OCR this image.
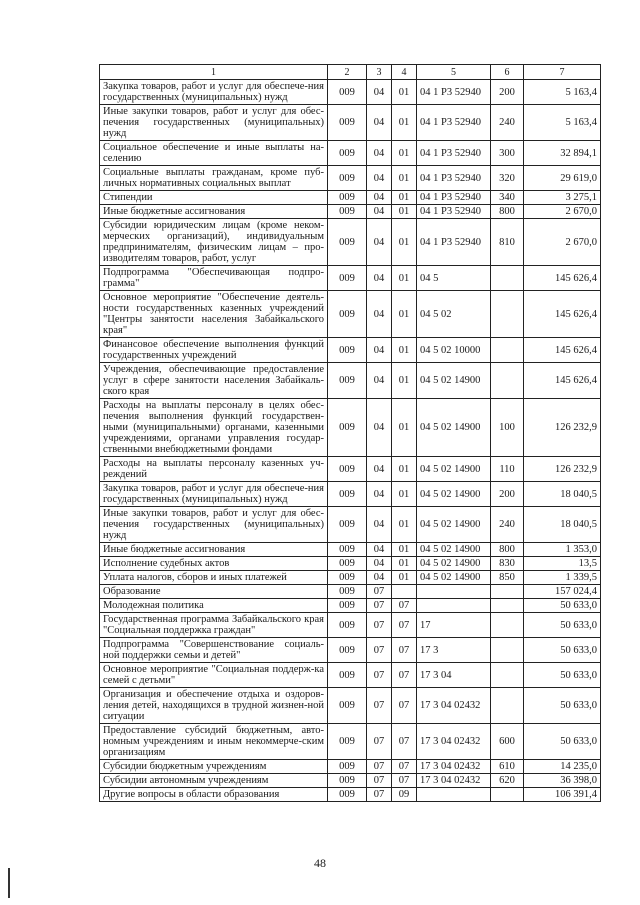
1	2	3	4	5	6	7
Закупка товаров, работ и услуг для обеспече-ния государственных (муниципальных) нужд	009	04	01	04 1 Р3 52940	200	5 163,4
Иные закупки товаров, работ и услуг для обес-печения государственных (муниципальных) нужд	009	04	01	04 1 Р3 52940	240	5 163,4
Социальное обеспечение и иные выплаты на-селению	009	04	01	04 1 Р3 52940	300	32 894,1
Социальные выплаты гражданам, кроме пуб-личных нормативных социальных выплат	009	04	01	04 1 Р3 52940	320	29 619,0
Стипендии	009	04	01	04 1 Р3 52940	340	3 275,1
Иные бюджетные ассигнования	009	04	01	04 1 Р3 52940	800	2 670,0
Субсидии юридическим лицам (кроме неком-мерческих организаций), индивидуальным предпринимателям, физическим лицам – про-изводителям товаров, работ, услуг	009	04	01	04 1 Р3 52940	810	2 670,0
Подпрограмма "Обеспечивающая подпро-грамма"	009	04	01	04 5		145 626,4
Основное мероприятие "Обеспечение деятель-ности государственных казенных учреждений "Центры занятости населения Забайкальского края"	009	04	01	04 5 02		145 626,4
Финансовое обеспечение выполнения функций государственных учреждений	009	04	01	04 5 02 10000		145 626,4
Учреждения, обеспечивающие предоставление услуг в сфере занятости населения Забайкаль-ского края	009	04	01	04 5 02 14900		145 626,4
Расходы на выплаты персоналу в целях обес-печения выполнения функций государствен-ными (муниципальными) органами, казенными учреждениями, органами управления государ-ственными внебюджетными фондами	009	04	01	04 5 02 14900	100	126 232,9
Расходы на выплаты персоналу казенных уч-реждений	009	04	01	04 5 02 14900	110	126 232,9
Закупка товаров, работ и услуг для обеспече-ния государственных (муниципальных) нужд	009	04	01	04 5 02 14900	200	18 040,5
Иные закупки товаров, работ и услуг для обес-печения государственных (муниципальных) нужд	009	04	01	04 5 02 14900	240	18 040,5
Иные бюджетные ассигнования	009	04	01	04 5 02 14900	800	1 353,0
Исполнение судебных актов	009	04	01	04 5 02 14900	830	13,5
Уплата налогов, сборов и иных платежей	009	04	01	04 5 02 14900	850	1 339,5
Образование	009	07				157 024,4
Молодежная политика	009	07	07			50 633,0
Государственная программа Забайкальского края "Социальная поддержка граждан"	009	07	07	17		50 633,0
Подпрограмма "Совершенствование социаль-ной поддержки семьи и детей"	009	07	07	17 3		50 633,0
Основное мероприятие "Социальная поддерж-ка семей с детьми"	009	07	07	17 3 04		50 633,0
Организация и обеспечение отдыха и оздоров-ления детей, находящихся в трудной жизнен-ной ситуации	009	07	07	17 3 04 02432		50 633,0
Предоставление субсидий бюджетным, авто-номным учреждениям и иным некоммерче-ским организациям	009	07	07	17 3 04 02432	600	50 633,0
Субсидии бюджетным учреждениям	009	07	07	17 3 04 02432	610	14 235,0
Субсидии автономным учреждениям	009	07	07	17 3 04 02432	620	36 398,0
Другие вопросы в области образования	009	07	09			106 391,4
48
